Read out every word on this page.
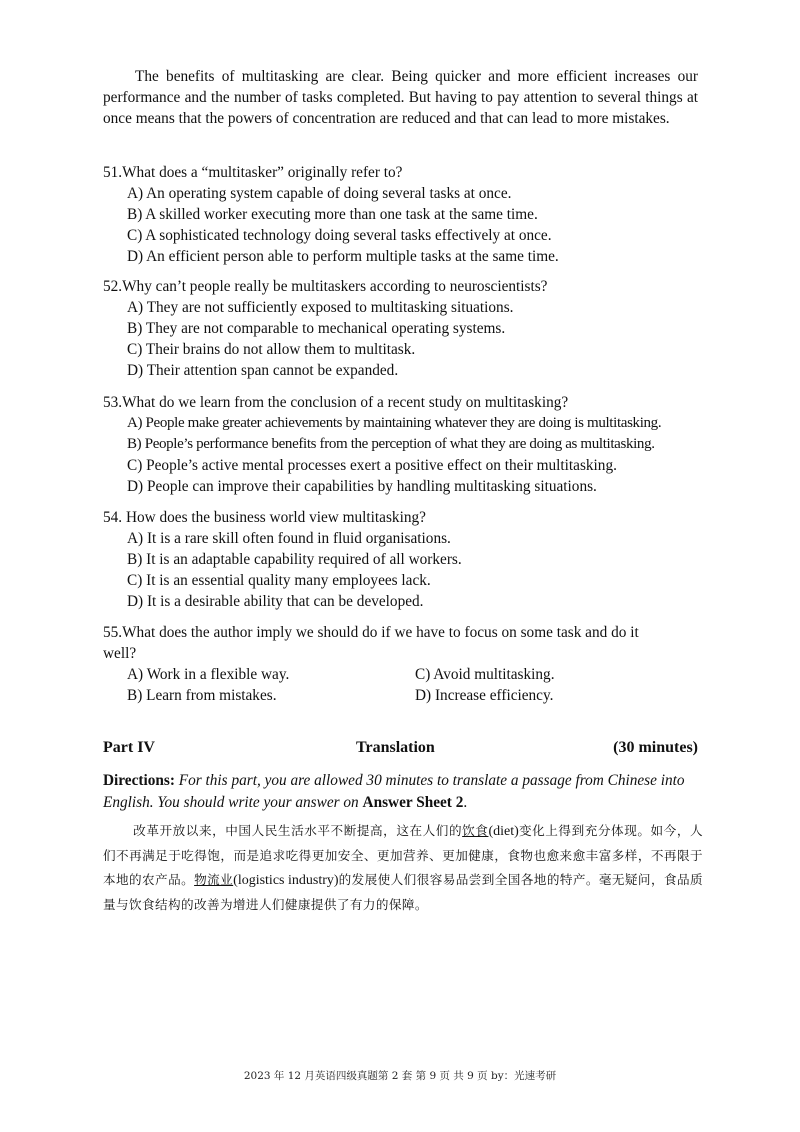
The benefits of multitasking are clear. Being quicker and more efficient increases our performance and the number of tasks completed. But having to pay attention to several things at once means that the powers of concentration are reduced and that can lead to more mistakes.
51.What does a “multitasker” originally refer to?
A) An operating system capable of doing several tasks at once.
B) A skilled worker executing more than one task at the same time.
C) A sophisticated technology doing several tasks effectively at once.
D) An efficient person able to perform multiple tasks at the same time.
52.Why can’t people really be multitaskers according to neuroscientists?
A) They are not sufficiently exposed to multitasking situations.
B) They are not comparable to mechanical operating systems.
C) Their brains do not allow them to multitask.
D) Their attention span cannot be expanded.
53.What do we learn from the conclusion of a recent study on multitasking?
A) People make greater achievements by maintaining whatever they are doing is multitasking.
B) People’s performance benefits from the perception of what they are doing as multitasking.
C) People’s active mental processes exert a positive effect on their multitasking.
D) People can improve their capabilities by handling multitasking situations.
54. How does the business world view multitasking?
A) It is a rare skill often found in fluid organisations.
B) It is an adaptable capability required of all workers.
C) It is an essential quality many employees lack.
D) It is a desirable ability that can be developed.
55.What does the author imply we should do if we have to focus on some task and do it
well?
A) Work in a flexible way.	C) Avoid multitasking.
B) Learn from mistakes.	D) Increase efficiency.
Part IV	Translation	(30 minutes)
Directions: For this part, you are allowed 30 minutes to translate a passage from Chinese into English. You should write your answer on Answer Sheet 2.
改革开放以来，中国人民生活水平不断提高，这在人们的饮食(diet)变化上得到充分体现。如今，人们不再满足于吃得饱，而是追求吃得更加安全、更加营养、更加健康，食物也愈来愈丰富多样，不再限于本地的农产品。物流业(logistics industry)的发展使人们很容易品尝到全国各地的特产。毫无疑问，食品质量与饮食结构的改善为增进人们健康提供了有力的保障。
2023 年 12 月英语四级真题第 2 套 第 9 页 共 9 页 by：光速考研
